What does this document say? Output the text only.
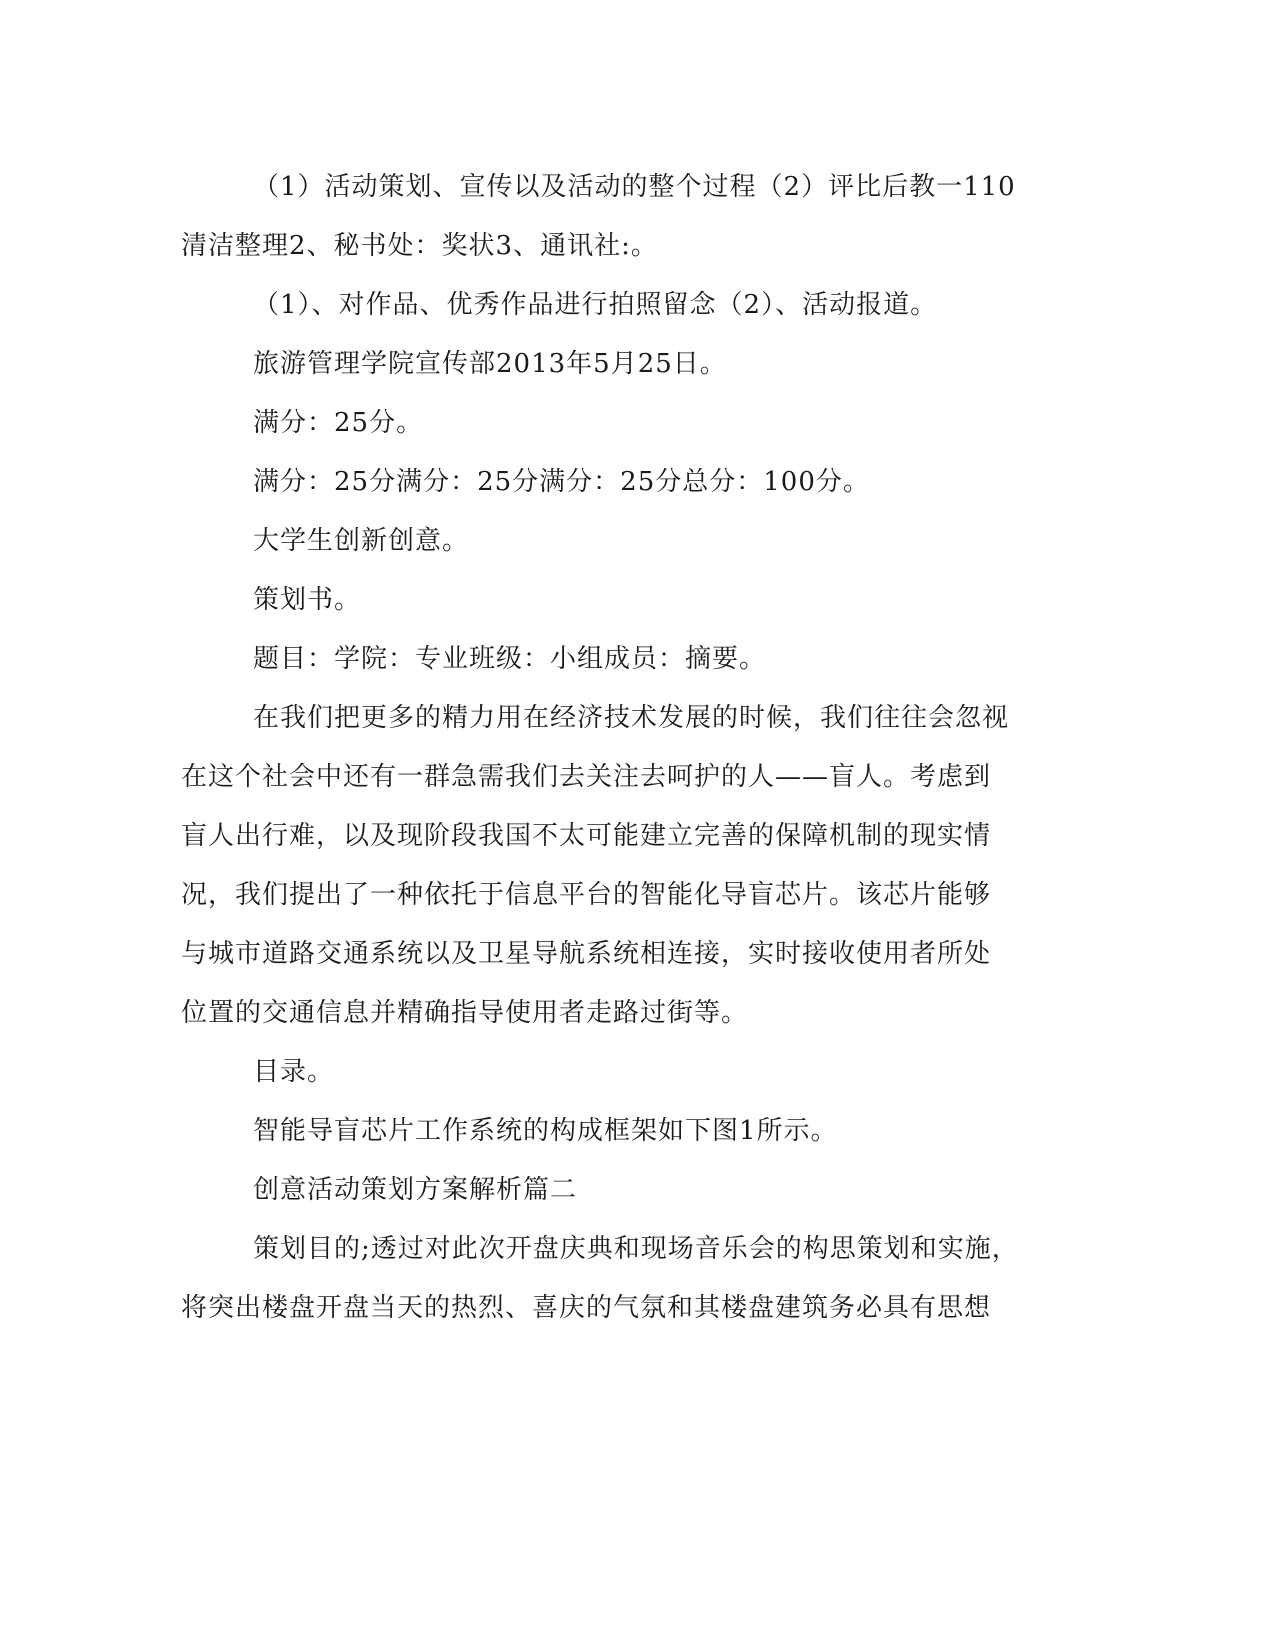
（1）活动策划、宣传以及活动的整个过程（2）评比后教一110
清洁整理2、秘书处：奖状3、通讯社:。

（1）、对作品、优秀作品进行拍照留念（2）、活动报道。

旅游管理学院宣传部2013年5月25日。

满分：25分。

满分：25分满分：25分满分：25分总分：100分。

大学生创新创意。

策划书。

题目：学院：专业班级：小组成员：摘要。

在我们把更多的精力用在经济技术发展的时候，我们往往会忽视
在这个社会中还有一群急需我们去关注去呵护的人——盲人。考虑到
盲人出行难，以及现阶段我国不太可能建立完善的保障机制的现实情
况，我们提出了一种依托于信息平台的智能化导盲芯片。该芯片能够
与城市道路交通系统以及卫星导航系统相连接，实时接收使用者所处
位置的交通信息并精确指导使用者走路过街等。

目录。

智能导盲芯片工作系统的构成框架如下图1所示。

创意活动策划方案解析篇二

策划目的;透过对此次开盘庆典和现场音乐会的构思策划和实施，
将突出楼盘开盘当天的热烈、喜庆的气氛和其楼盘建筑务必具有思想
